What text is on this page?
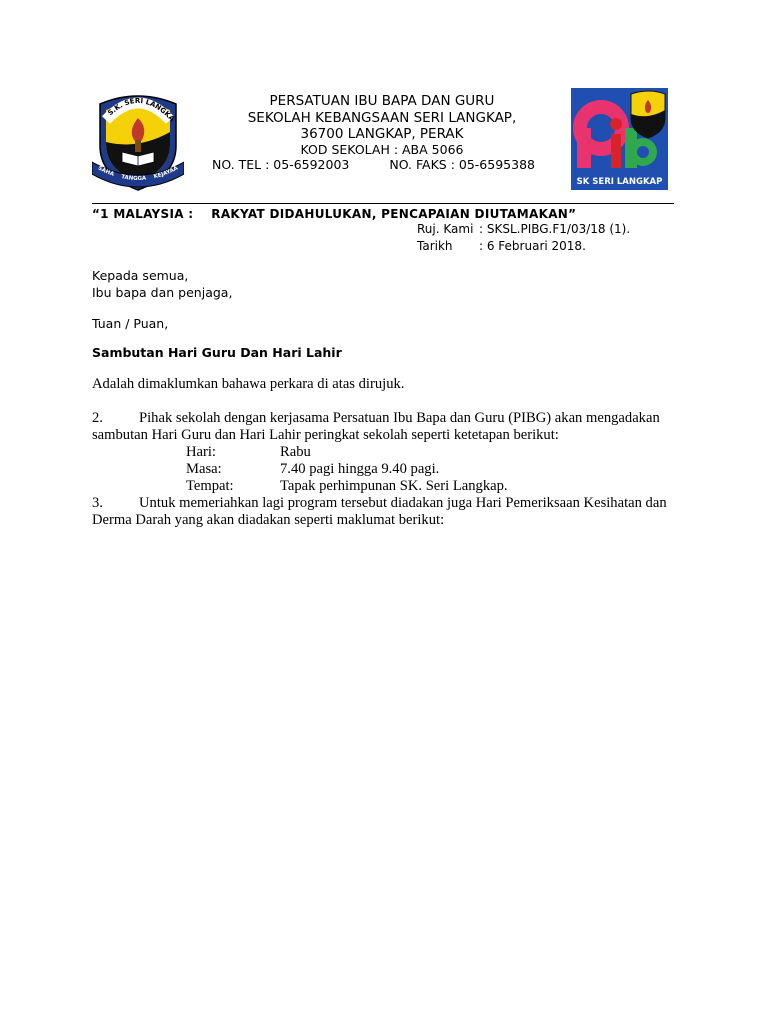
S.K. SERI LANGKA
SAHA TANGGA KEJAYAA
PERSATUAN IBU BAPA DAN GURU
SEKOLAH KEBANGSAAN SERI LANGKAP,
36700 LANGKAP, PERAK
KOD SEKOLAH : ABA 5066
NO. TEL : 05-6592003	NO. FAKS : 05-6595388
SK SERI LANGKAP
“1 MALAYSIA :    RAKYAT DIDAHULUKAN, PENCAPAIAN DIUTAMAKAN”
Ruj. Kami : SKSL.PIBG.F1/03/18 (1).
Tarikh : 6 Februari 2018.
Kepada semua,
Ibu bapa dan penjaga,
Tuan / Puan,
Sambutan Hari Guru Dan Hari Lahir
Adalah dimaklumkan bahawa perkara di atas dirujuk.
2. Pihak sekolah dengan kerjasama Persatuan Ibu Bapa dan Guru (PIBG) akan mengadakan sambutan Hari Guru dan Hari Lahir peringkat sekolah seperti ketetapan berikut:
Hari:	Rabu
Masa:	7.40 pagi hingga 9.40 pagi.
Tempat:	Tapak perhimpunan SK. Seri Langkap.
3. Untuk memeriahkan lagi program tersebut diadakan juga Hari Pemeriksaan Kesihatan dan Derma Darah yang akan diadakan seperti maklumat berikut:
